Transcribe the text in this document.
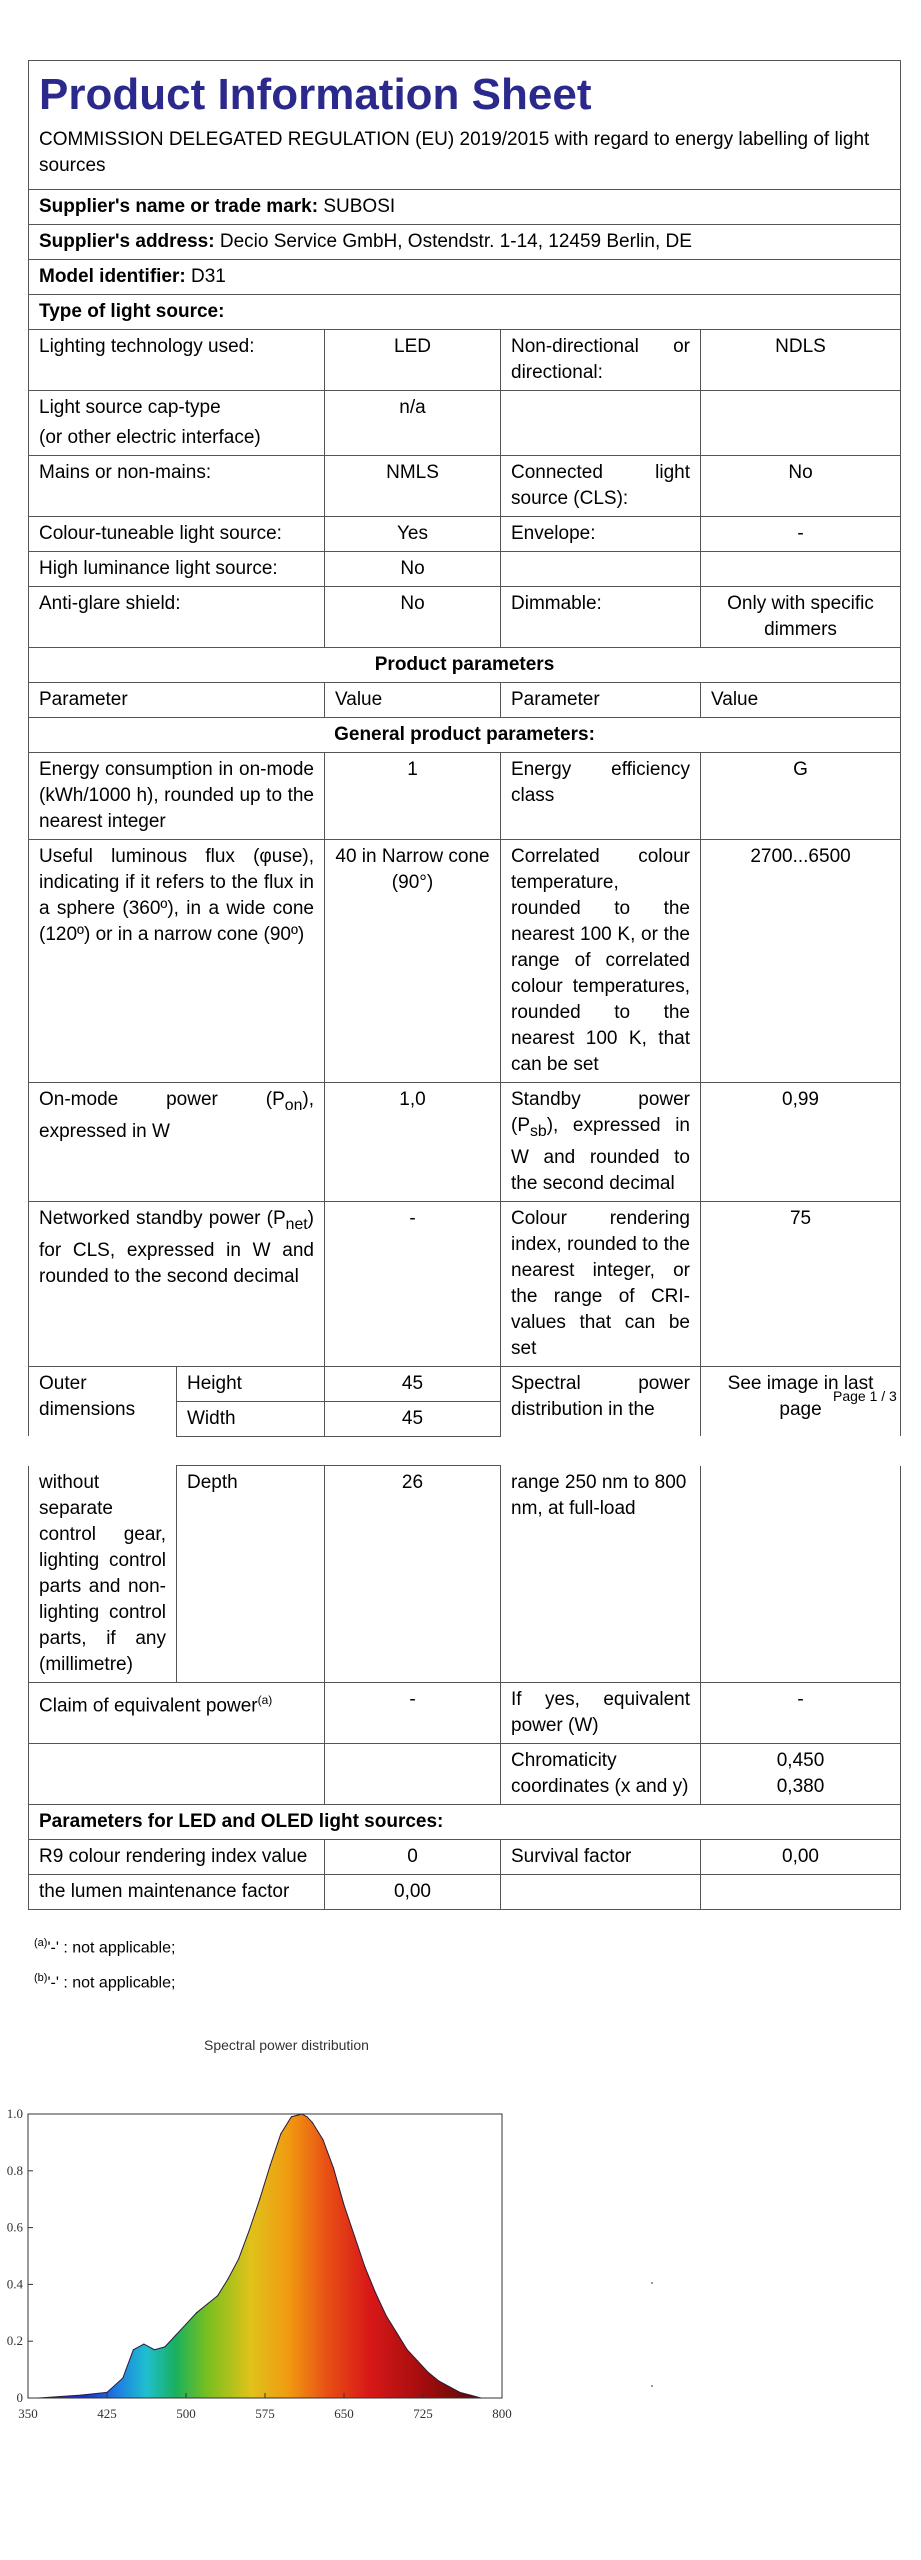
Product Information Sheet
COMMISSION DELEGATED REGULATION (EU) 2019/2015 with regard to energy labelling of light sources				

Supplier's name or trade mark: SUBOSI				
Supplier's address: Decio Service GmbH, Ostendstr. 1-14, 12459 Berlin, DE				
Model identifier: D31				
Type of light source:				
Lighting technology used:		LED	Non-directional or directional:	NDLS

Light source cap-type
(or other electric interface)		n/a		
Mains or non-mains:		NMLS	Connected light source (CLS):	No
Colour-tuneable light source:		Yes	Envelope:	-
High luminance light source:		No		
Anti-glare shield:		No	Dimmable:	Only with specific dimmers
Product parameters				
Parameter		Value	Parameter	Value
General product parameters:				
Energy consumption in on-mode (kWh/1000 h), rounded up to the nearest integer		1	Energy efficiency class	G
Useful luminous flux (φuse), indicating if it refers to the flux in a sphere (360º), in a wide cone (120º) or in a narrow cone (90º)		40 in Narrow cone (90°)	Correlated colour temperature, rounded to the nearest 100 K, or the range of correlated colour temperatures, rounded to the nearest 100 K, that can be set	2700...6500
On-mode power $(P_{on})$, expressed in W		1,0	Standby power $(P_{sb})$, expressed in W and rounded to the second decimal	0,99
Networked standby power $(P_{net})$ for CLS, expressed in W and rounded to the second decimal		-	Colour rendering index, rounded to the nearest integer, or the range of CRI-values that can be set	75
Outer dimensions	Height	45	Spectral power distribution in the	See image in last page
	Width	45		
Page 1 / 3
without separate control gear, lighting control parts and non-lighting control parts, if any (millimetre)	Depth	26	range 250 nm to 800 nm, at full-load	
Claim of equivalent power$^{(a)}$		-	If yes, equivalent power (W)	-
			Chromaticity coordinates (x and y)	0,450
0,380

Parameters for LED and OLED light sources:				
R9 colour rendering index value		0	Survival factor	0,00
the lumen maintenance factor		0,00		
$^{(a)}$'-' : not applicable;
$^{(b)}$'-' : not applicable;
Spectral power distribution
0
0.2
0.4
0.6
0.8
1.0
350	425	500	575	650	725	800
